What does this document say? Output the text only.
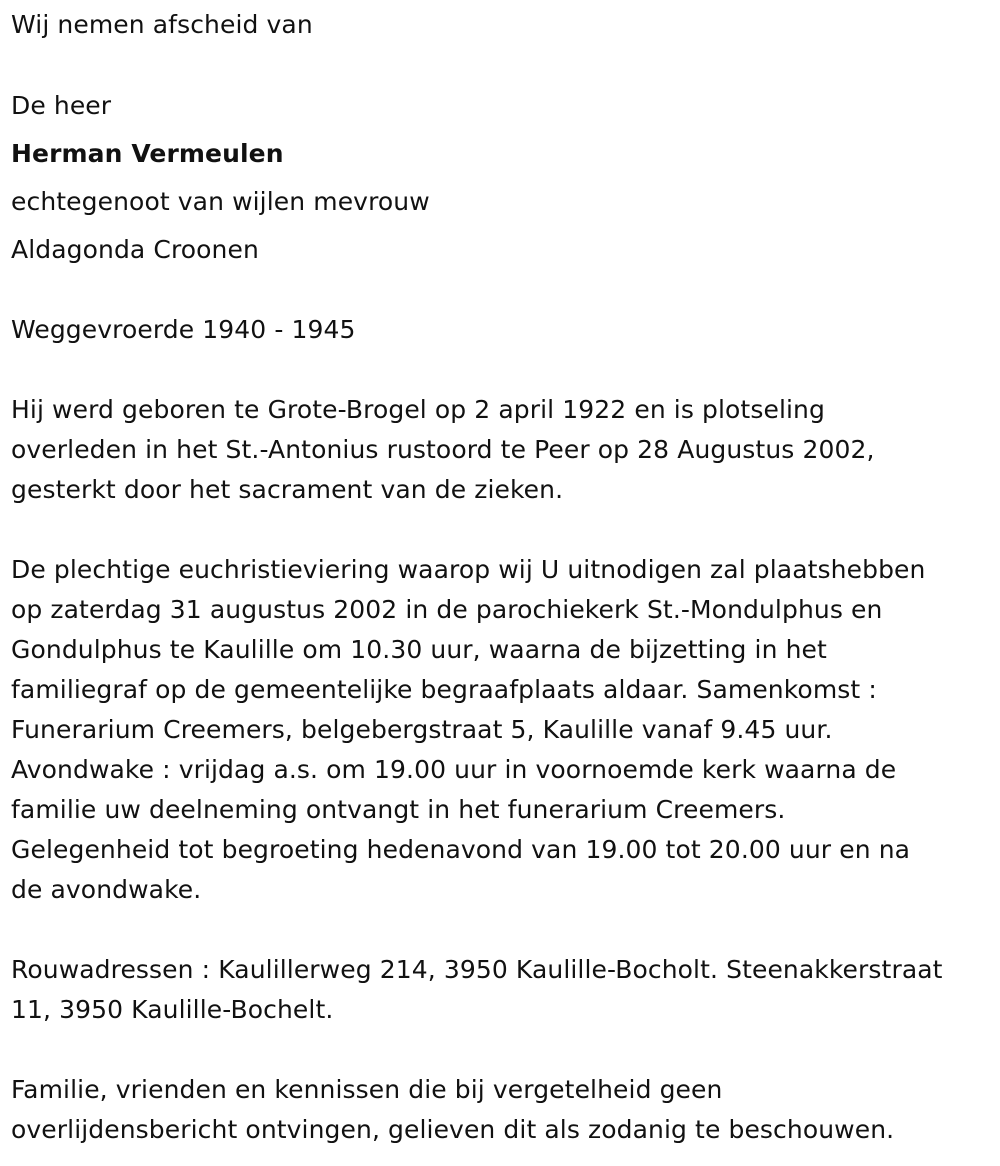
Wij nemen afscheid van
De heer
Herman Vermeulen
echtegenoot van wijlen mevrouw
Aldagonda Croonen
Weggevroerde 1940 - 1945
Hij werd geboren te Grote-Brogel op 2 april 1922 en is plotseling
overleden in het St.-Antonius rustoord te Peer op 28 Augustus 2002,
gesterkt door het sacrament van de zieken.
De plechtige euchristieviering waarop wij U uitnodigen zal plaatshebben
op zaterdag 31 augustus 2002 in de parochiekerk St.-Mondulphus en
Gondulphus te Kaulille om 10.30 uur, waarna de bijzetting in het
familiegraf op de gemeentelijke begraafplaats aldaar. Samenkomst :
Funerarium Creemers, belgebergstraat 5, Kaulille vanaf 9.45 uur.
Avondwake : vrijdag a.s. om 19.00 uur in voornoemde kerk waarna de
familie uw deelneming ontvangt in het funerarium Creemers.
Gelegenheid tot begroeting hedenavond van 19.00 tot 20.00 uur en na
de avondwake.
Rouwadressen : Kaulillerweg 214, 3950 Kaulille-Bocholt. Steenakkerstraat
11, 3950 Kaulille-Bochelt.
Familie, vrienden en kennissen die bij vergetelheid geen
overlijdensbericht ontvingen, gelieven dit als zodanig te beschouwen.
